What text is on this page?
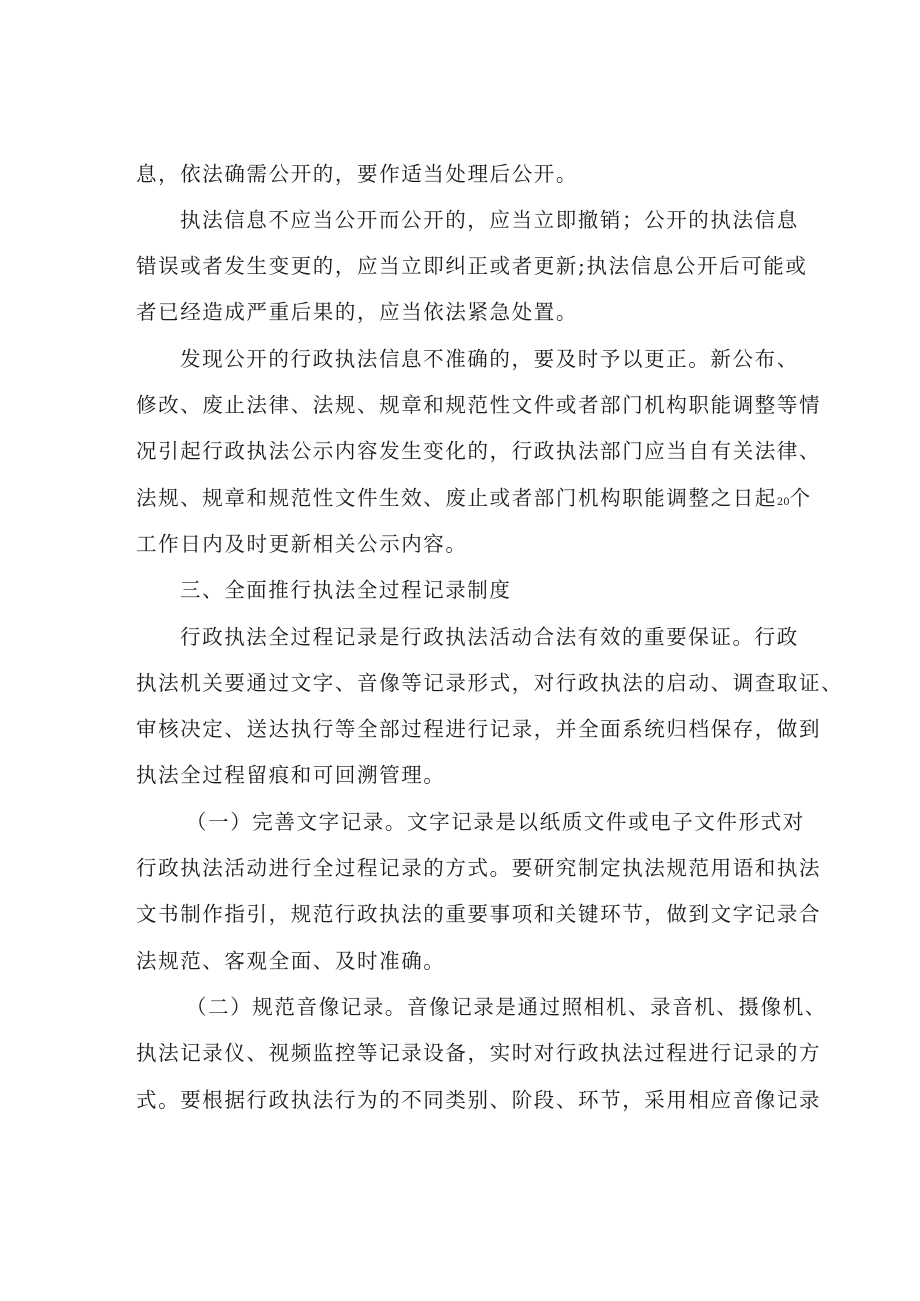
息，依法确需公开的，要作适当处理后公开。
执法信息不应当公开而公开的，应当立即撤销；公开的执法信息
错误或者发生变更的，应当立即纠正或者更新;执法信息公开后可能或
者已经造成严重后果的，应当依法紧急处置。
发现公开的行政执法信息不准确的，要及时予以更正。新公布、
修改、废止法律、法规、规章和规范性文件或者部门机构职能调整等情
况引起行政执法公示内容发生变化的，行政执法部门应当自有关法律、
法规、规章和规范性文件生效、废止或者部门机构职能调整之日起20个
工作日内及时更新相关公示内容。
三、全面推行执法全过程记录制度
行政执法全过程记录是行政执法活动合法有效的重要保证。行政
执法机关要通过文字、音像等记录形式，对行政执法的启动、调查取证、
审核决定、送达执行等全部过程进行记录，并全面系统归档保存，做到
执法全过程留痕和可回溯管理。
（一）完善文字记录。文字记录是以纸质文件或电子文件形式对
行政执法活动进行全过程记录的方式。要研究制定执法规范用语和执法
文书制作指引，规范行政执法的重要事项和关键环节，做到文字记录合
法规范、客观全面、及时准确。
（二）规范音像记录。音像记录是通过照相机、录音机、摄像机、
执法记录仪、视频监控等记录设备，实时对行政执法过程进行记录的方
式。要根据行政执法行为的不同类别、阶段、环节，采用相应音像记录
